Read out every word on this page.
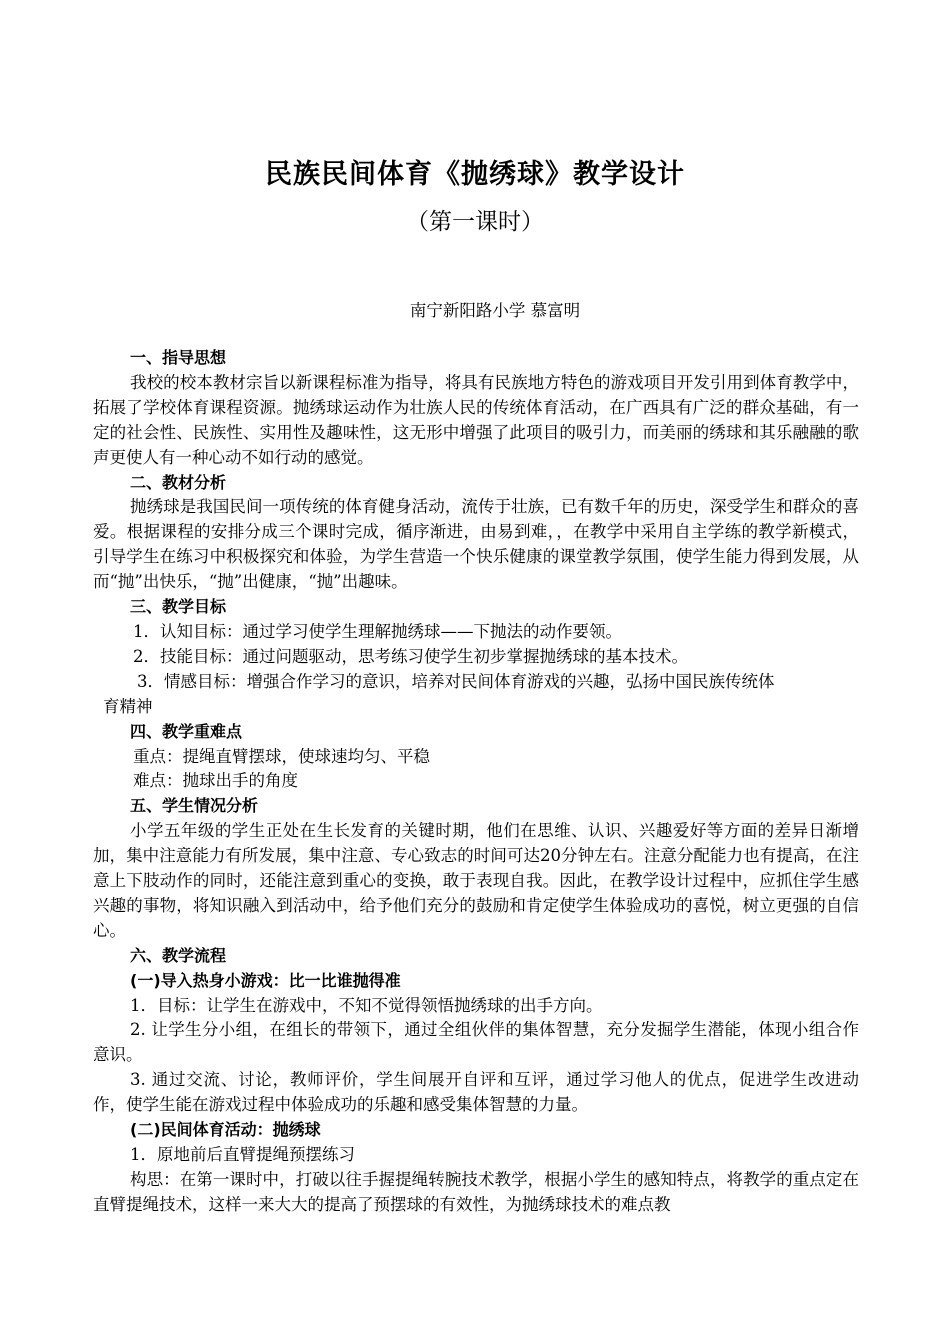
民族民间体育《抛绣球》教学设计
（第一课时）
南宁新阳路小学 慕富明

一、指导思想

我校的校本教材宗旨以新课程标准为指导，将具有民族地方特色的游戏项目开发引用到体育教学中，拓展了学校体育课程资源。抛绣球运动作为壮族人民的传统体育活动，在广西具有广泛的群众基础，有一定的社会性、民族性、实用性及趣味性，这无形中增强了此项目的吸引力，而美丽的绣球和其乐融融的歌声更使人有一种心动不如行动的感觉。

二、教材分析

抛绣球是我国民间一项传统的体育健身活动，流传于壮族，已有数千年的历史，深受学生和群众的喜爱。根据课程的安排分成三个课时完成，循序渐进，由易到难，，在教学中采用自主学练的教学新模式，引导学生在练习中积极探究和体验，为学生营造一个快乐健康的课堂教学氛围，使学生能力得到发展，从而“抛”出快乐，“抛”出健康，“抛”出趣味。

三、教学目标

1．认知目标：通过学习使学生理解抛绣球——下抛法的动作要领。

2．技能目标：通过问题驱动，思考练习使学生初步掌握抛绣球的基本技术。

3．情感目标：增强合作学习的意识，培养对民间体育游戏的兴趣，弘扬中国民族传统体

育精神

四、教学重难点

重点：提绳直臂摆球，使球速均匀、平稳

难点：抛球出手的角度

五、学生情况分析

小学五年级的学生正处在生长发育的关键时期，他们在思维、认识、兴趣爱好等方面的差异日渐增加，集中注意能力有所发展，集中注意、专心致志的时间可达20分钟左右。注意分配能力也有提高，在注意上下肢动作的同时，还能注意到重心的变换，敢于表现自我。因此，在教学设计过程中，应抓住学生感兴趣的事物，将知识融入到活动中，给予他们充分的鼓励和肯定使学生体验成功的喜悦，树立更强的自信心。

六、教学流程

(一)导入热身小游戏：比一比谁抛得准

1．目标：让学生在游戏中，不知不觉得领悟抛绣球的出手方向。

2. 让学生分小组，在组长的带领下，通过全组伙伴的集体智慧，充分发掘学生潜能，体现小组合作意识。

3. 通过交流、讨论，教师评价，学生间展开自评和互评，通过学习他人的优点，促进学生改进动作，使学生能在游戏过程中体验成功的乐趣和感受集体智慧的力量。

(二)民间体育活动：抛绣球

1．原地前后直臂提绳预摆练习

构思：在第一课时中，打破以往手握提绳转腕技术教学，根据小学生的感知特点，将教学的重点定在直臂提绳技术，这样一来大大的提高了预摆球的有效性，为抛绣球技术的难点教
